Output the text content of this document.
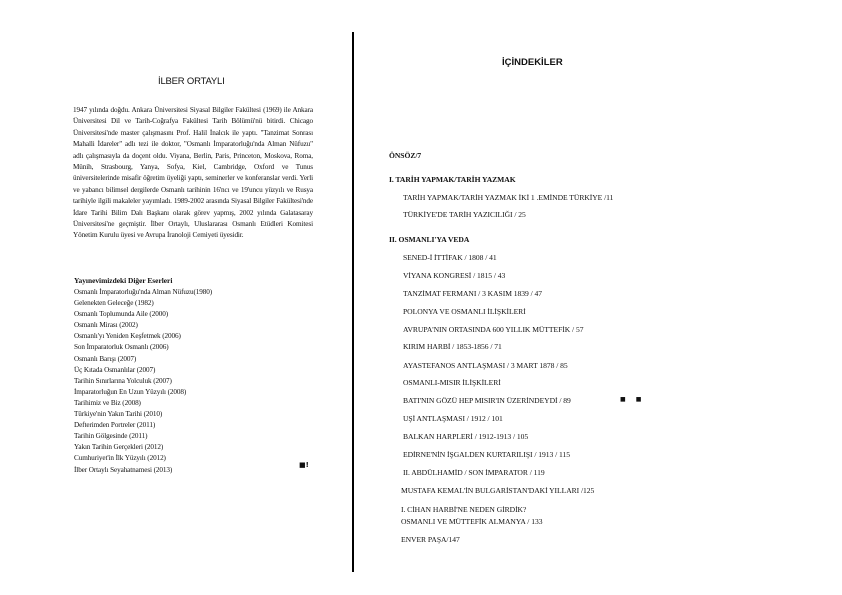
İLBER ORTAYLI
1947 yılında doğdu. Ankara Üniversitesi Siyasal Bilgiler Fakültesi (1969) ile Ankara Üniversitesi Dil ve Tarih-Coğrafya Fakültesi Tarih Bölümü'nü bitirdi. Chicago Üniversitesi'nde master çalışmasını Prof. Halil İnalcık ile yaptı. "Tanzimat Sonrası Mahalli İdareler" adlı tezi ile doktor, "Osmanlı İmparatorluğu'nda Alman Nüfuzu" adlı çalışmasıyla da doçent oldu. Viyana, Berlin, Paris, Princeton, Moskova, Roma, Münih, Strasbourg, Yanya, Sofya, Kiel, Cambridge, Oxford ve Tunus üniversitelerinde misafir öğretim üyeliği yaptı, seminerler ve konferanslar verdi. Yerli ve yabancı bilimsel dergilerde Osmanlı tarihinin 16'ncı ve 19'uncu yüzyılı ve Rusya tarihiyle ilgili makaleler yayımladı. 1989-2002 arasında Siyasal Bilgiler Fakültesi'nde İdare Tarihi Bilim Dalı Başkanı olarak görev yapmış, 2002 yılında Galatasaray Üniversitesi'ne geçmiştir. İlber Ortaylı, Uluslararası Osmanlı Etüdleri Komitesi Yönetim Kurulu üyesi ve Avrupa İranoloji Cemiyeti üyesidir.
Yayınevimizdeki Diğer Eserleri
Osmanlı İmparatorluğu'nda Alman Nüfuzu(1980)
Gelenekten Geleceğe (1982)
Osmanlı Toplumunda Aile (2000)
Osmanlı Mirası (2002)
Osmanlı'yı Yeniden Keşfetmek (2006)
Son İmparatorluk Osmanlı (2006)
Osmanlı Barışı (2007)
Üç Kıtada Osmanlılar (2007)
Tarihin Sınırlarına Yolculuk (2007)
İmparatorluğun En Uzun Yüzyılı (2008)
Tarihimiz ve Biz (2008)
Türkiye'nin Yakın Tarihi (2010)
Defterimden Portreler (2011)
Tarihin Gölgesinde (2011)
Yakın Tarihin Gerçekleri (2012)
Cumhuriyet'in İlk Yüzyılı (2012)
İlber Ortaylı Seyahatnamesi (2013)
■!
İÇİNDEKİLER
ÖNSÖZ/7
I. TARİH YAPMAK/TARİH YAZMAK
TARİH YAPMAK/TARİH YAZMAK İKİ 1 .EMİNDE TÜRKİYE /11
TÜRKİYE'DE TARİH YAZICILIĞI / 25
II. OSMANLI'YA VEDA
SENED-İ İTTİFAK / 1808 / 41
VİYANA KONGRESİ / 1815 / 43
TANZİMAT FERMANI / 3 KASIM 1839 / 47
POLONYA VE OSMANLI İLİŞKİLERİ
AVRUPA'NIN ORTASINDA 600 YILLIK MÜTTEFİK / 57
KIRIM HARBİ / 1853-1856 / 71
AYASTEFANOS ANTLAŞMASI / 3 MART 1878 / 85
OSMANLI-MISIR İLİŞKİLERİ
BATI'NIN GÖZÜ HEP MISIR'IN ÜZERİNDEYDİ / 89
UŞİ ANTLAŞMASI / 1912 / 101
BALKAN HARPLERİ / 1912-1913 / 105
EDİRNE'NİN İŞGALDEN KURTARILIŞI / 1913 / 115
II. ABDÜLHAMİD / SON İMPARATOR / 119
MUSTAFA KEMAL'İN BULGARİSTAN'DAKİ YILLARI /125
I. CİHAN HARBİ'NE NEDEN GİRDİK?
OSMANLI VE MÜTTEFİK ALMANYA / 133
ENVER PAŞA/147
■ ■
